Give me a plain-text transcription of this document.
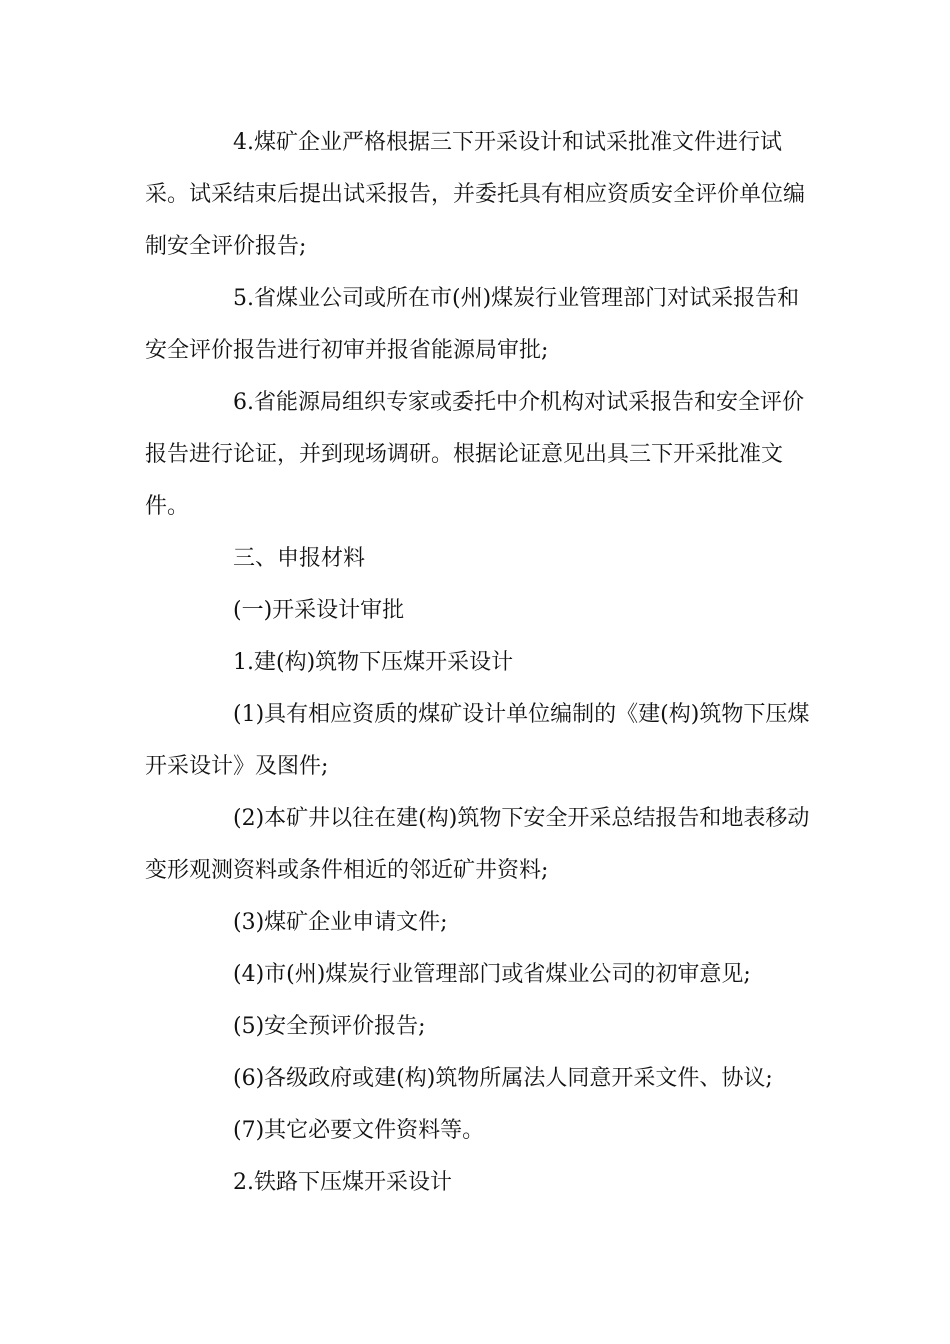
4.煤矿企业严格根据三下开采设计和试采批准文件进行试采。试采结束后提出试采报告，并委托具有相应资质安全评价单位编制安全评价报告;

5.省煤业公司或所在市(州)煤炭行业管理部门对试采报告和安全评价报告进行初审并报省能源局审批;

6.省能源局组织专家或委托中介机构对试采报告和安全评价报告进行论证，并到现场调研。根据论证意见出具三下开采批准文件。

三、申报材料

(一)开采设计审批

1.建(构)筑物下压煤开采设计

(1)具有相应资质的煤矿设计单位编制的《建(构)筑物下压煤开采设计》及图件;

(2)本矿井以往在建(构)筑物下安全开采总结报告和地表移动变形观测资料或条件相近的邻近矿井资料;

(3)煤矿企业申请文件;

(4)市(州)煤炭行业管理部门或省煤业公司的初审意见;

(5)安全预评价报告;

(6)各级政府或建(构)筑物所属法人同意开采文件、协议;

(7)其它必要文件资料等。

2.铁路下压煤开采设计
